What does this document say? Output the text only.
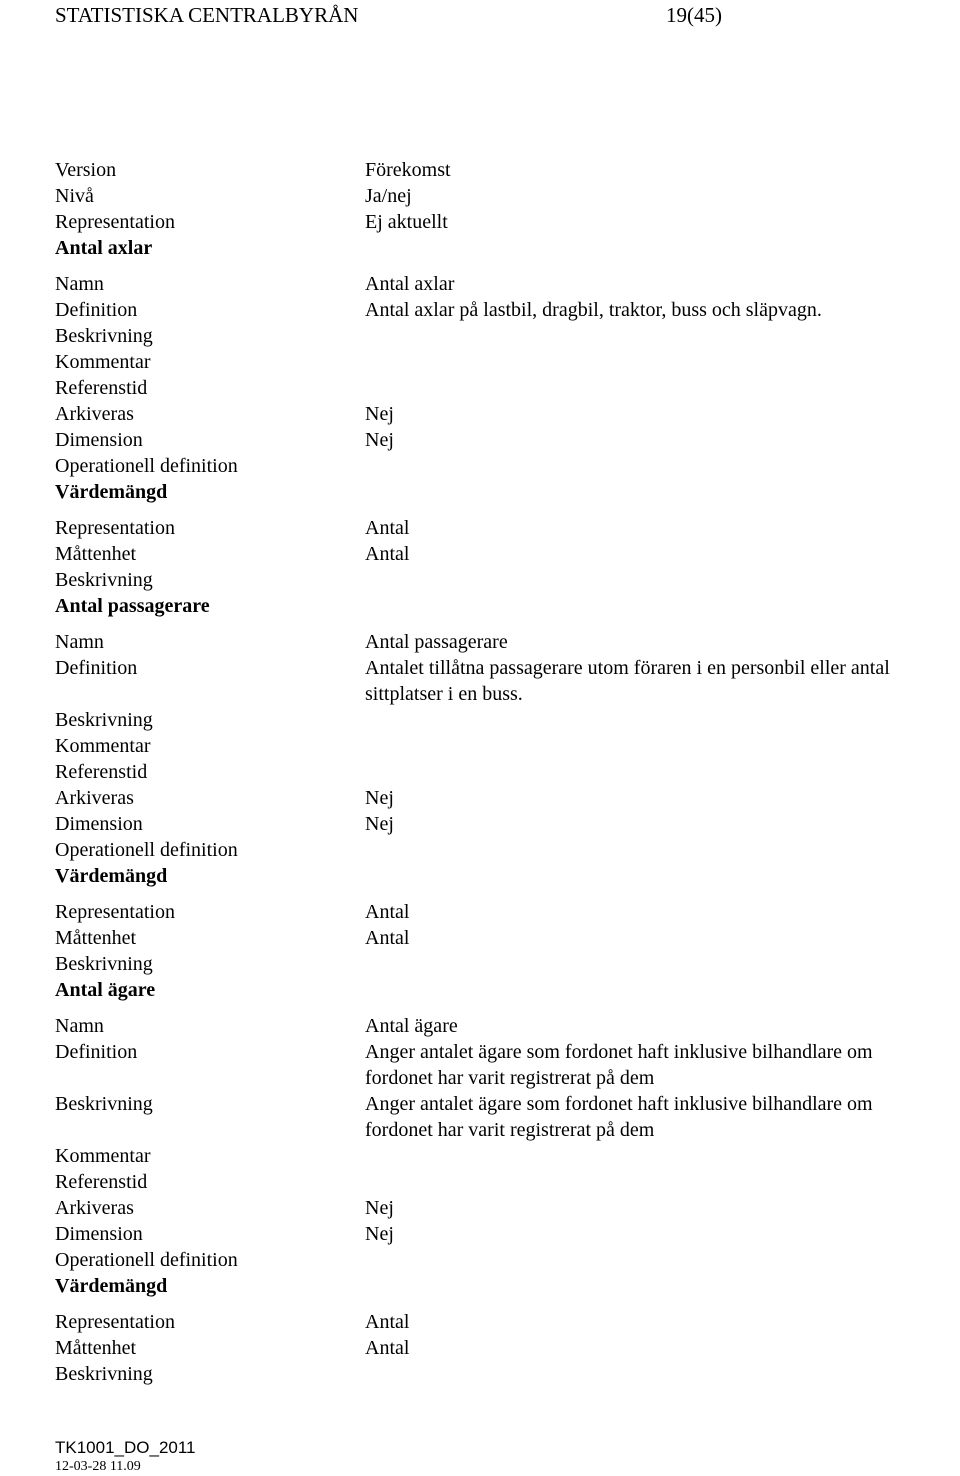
STATISTISKA CENTRALBYRÅN	19(45)
Version	Förekomst
Nivå	Ja/nej
Representation	Ej aktuellt
Antal axlar
Namn	Antal axlar
Definition	Antal axlar på lastbil, dragbil, traktor, buss och släpvagn.
Beskrivning
Kommentar
Referenstid
Arkiveras	Nej
Dimension	Nej
Operationell definition
Värdemängd
Representation	Antal
Måttenhet	Antal
Beskrivning
Antal passagerare
Namn	Antal passagerare
Definition	Antalet tillåtna passagerare utom föraren i en personbil eller antal
sittplatser i en buss.
Beskrivning
Kommentar
Referenstid
Arkiveras	Nej
Dimension	Nej
Operationell definition
Värdemängd
Representation	Antal
Måttenhet	Antal
Beskrivning
Antal ägare
Namn	Antal ägare
Definition	Anger antalet ägare som fordonet haft inklusive bilhandlare om
fordonet har varit registrerat på dem
Beskrivning	Anger antalet ägare som fordonet haft inklusive bilhandlare om
fordonet har varit registrerat på dem
Kommentar
Referenstid
Arkiveras	Nej
Dimension	Nej
Operationell definition
Värdemängd
Representation	Antal
Måttenhet	Antal
Beskrivning
TK1001_DO_2011
12-03-28 11.09
